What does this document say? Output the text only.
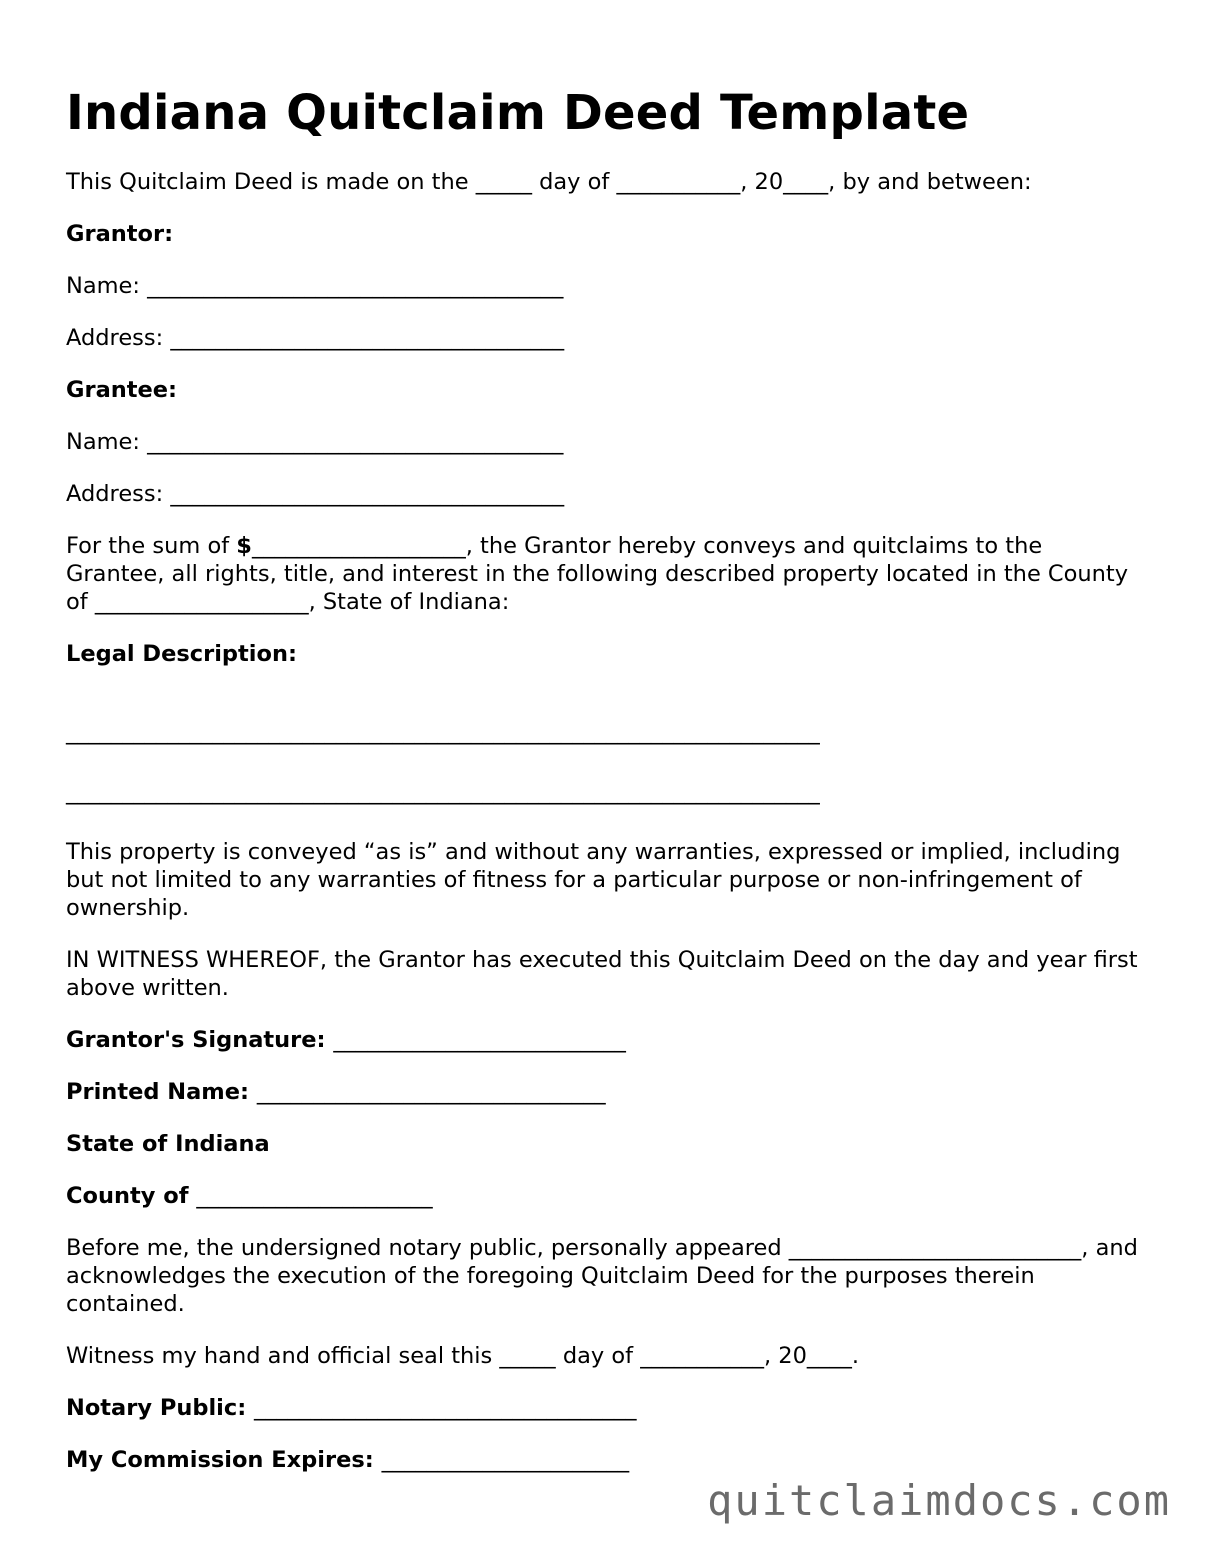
Indiana Quitclaim Deed Template

This Quitclaim Deed is made on the _____ day of ___________, 20____, by and between:

Grantor:

Name: _____________________________________

Address: ___________________________________

Grantee:

Name: _____________________________________

Address: ___________________________________

For the sum of $___________________, the Grantor hereby conveys and quitclaims to the Grantee, all rights, title, and interest in the following described property located in the County of ___________________, State of Indiana:

Legal Description:

___________________________________________________________________

___________________________________________________________________

This property is conveyed “as is” and without any warranties, expressed or implied, including but not limited to any warranties of fitness for a particular purpose or non-infringement of ownership.

IN WITNESS WHEREOF, the Grantor has executed this Quitclaim Deed on the day and year first above written.

Grantor's Signature: __________________________

Printed Name: _______________________________

State of Indiana

County of _____________________

Before me, the undersigned notary public, personally appeared __________________________, and acknowledges the execution of the foregoing Quitclaim Deed for the purposes therein contained.

Witness my hand and official seal this _____ day of ___________, 20____.

Notary Public: __________________________________

My Commission Expires: ______________________

quitclaimdocs.com
